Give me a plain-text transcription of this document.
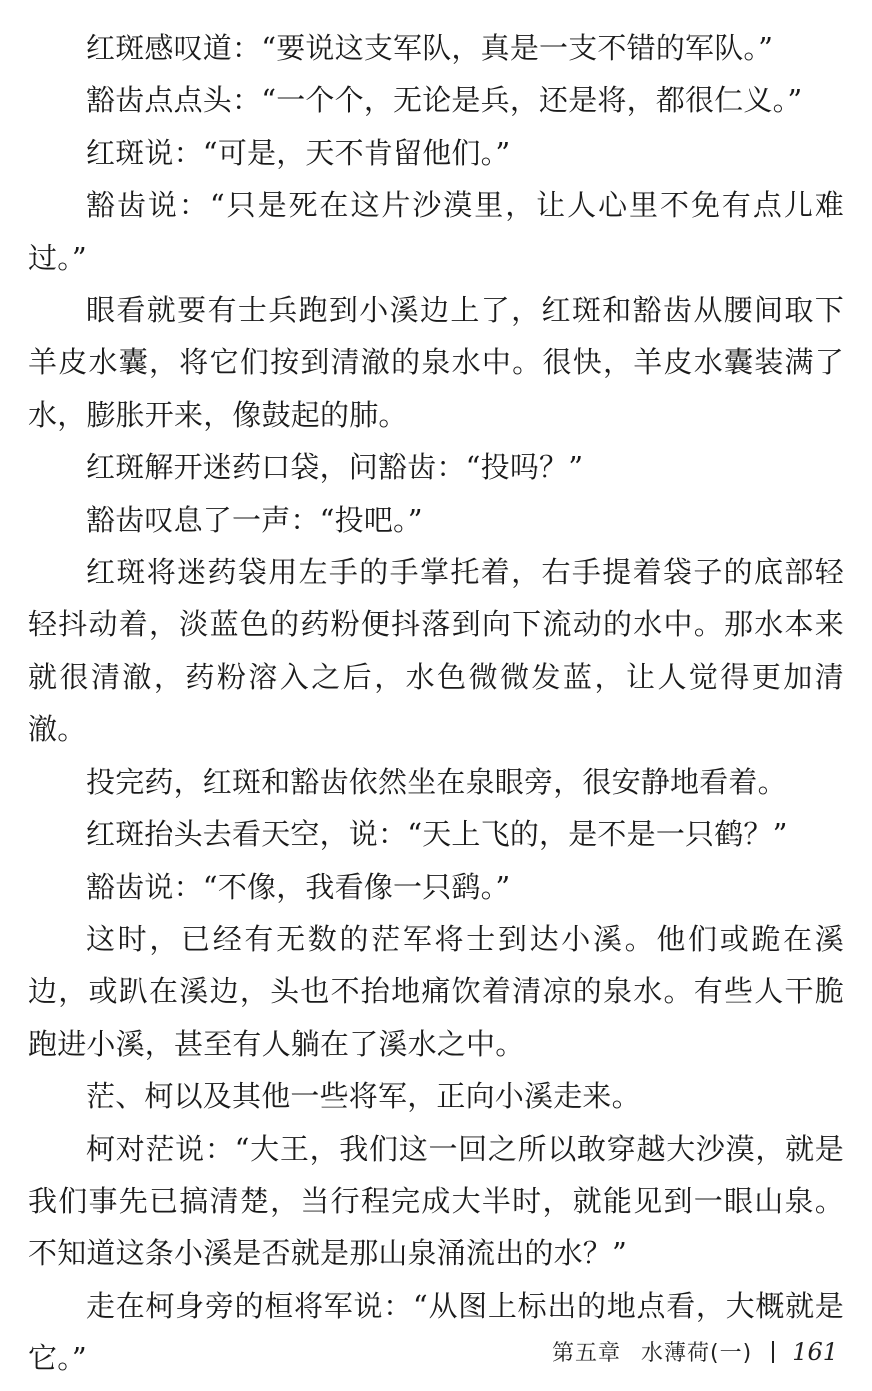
红斑感叹道：“要说这支军队，真是一支不错的军队。”

豁齿点点头：“一个个，无论是兵，还是将，都很仁义。”

红斑说：“可是，天不肯留他们。”

豁齿说：“只是死在这片沙漠里，让人心里不免有点儿难过。”

眼看就要有士兵跑到小溪边上了，红斑和豁齿从腰间取下羊皮水囊，将它们按到清澈的泉水中。很快，羊皮水囊装满了水，膨胀开来，像鼓起的肺。

红斑解开迷药口袋，问豁齿：“投吗？”

豁齿叹息了一声：“投吧。”

红斑将迷药袋用左手的手掌托着，右手提着袋子的底部轻轻抖动着，淡蓝色的药粉便抖落到向下流动的水中。那水本来就很清澈，药粉溶入之后，水色微微发蓝，让人觉得更加清澈。

投完药，红斑和豁齿依然坐在泉眼旁，很安静地看着。

红斑抬头去看天空，说：“天上飞的，是不是一只鹤？”

豁齿说：“不像，我看像一只鹞。”

这时，已经有无数的茫军将士到达小溪。他们或跪在溪边，或趴在溪边，头也不抬地痛饮着清凉的泉水。有些人干脆跑进小溪，甚至有人躺在了溪水之中。

茫、柯以及其他一些将军，正向小溪走来。

柯对茫说：“大王，我们这一回之所以敢穿越大沙漠，就是我们事先已搞清楚，当行程完成大半时，就能见到一眼山泉。不知道这条小溪是否就是那山泉涌流出的水？”

走在柯身旁的桓将军说：“从图上标出的地点看，大概就是它。”	第五章 水薄荷(一) 161
